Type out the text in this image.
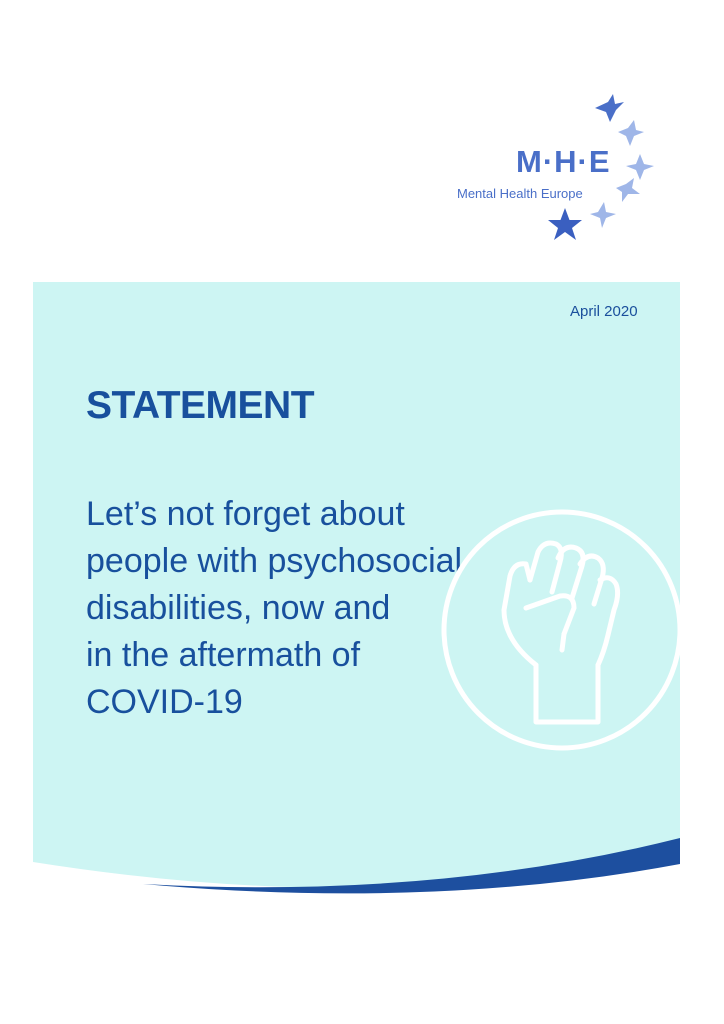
M·H·E
Mental Health Europe
April 2020
STATEMENT
Let’s not forget about
people with psychosocial
disabilities, now and
in the aftermath of
COVID-19
